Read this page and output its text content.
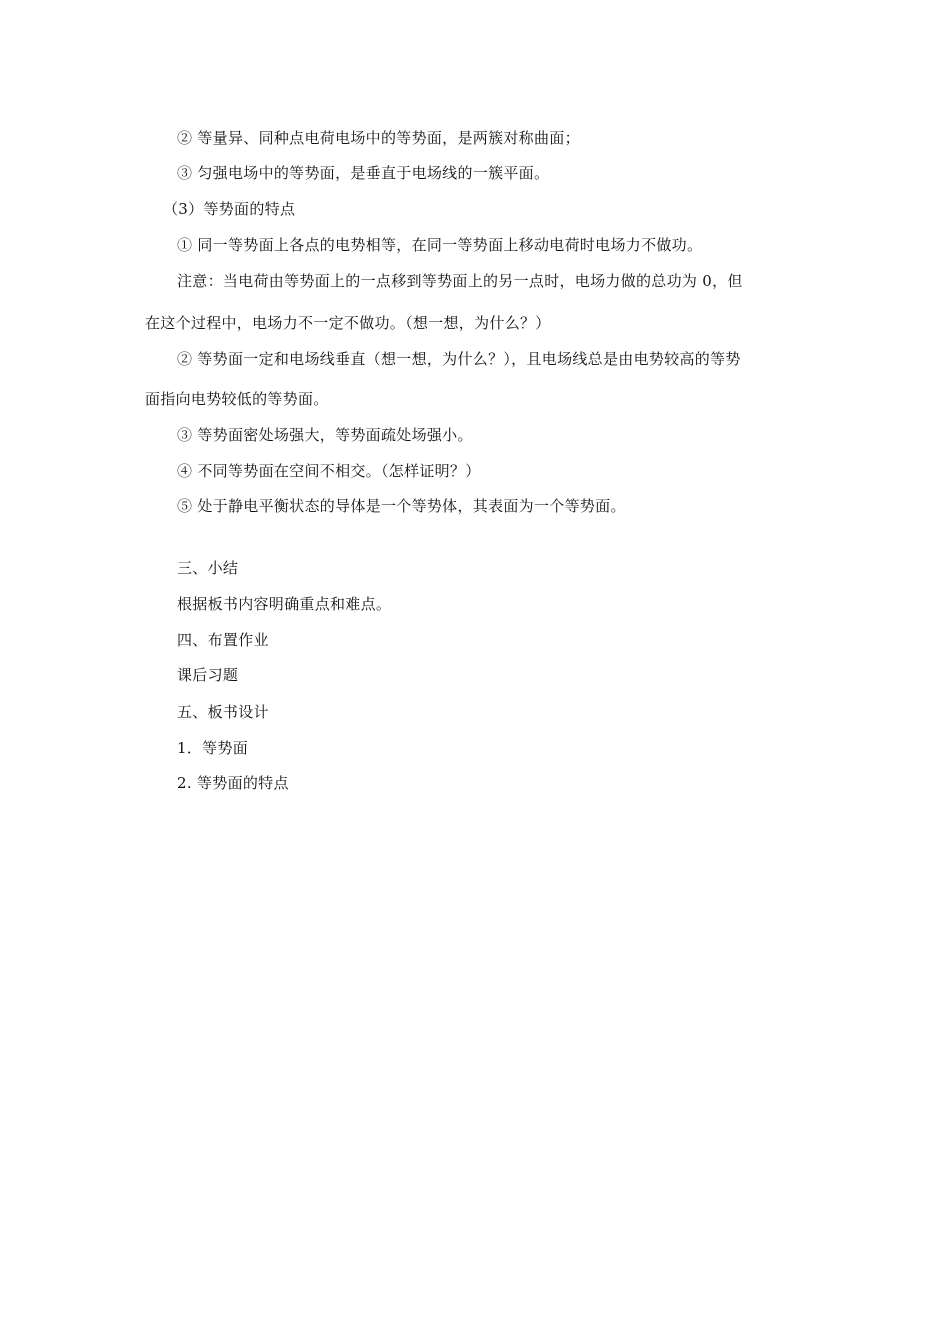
② 等量异、同种点电荷电场中的等势面，是两簇对称曲面；
③ 匀强电场中的等势面，是垂直于电场线的一簇平面。
（3）等势面的特点
① 同一等势面上各点的电势相等，在同一等势面上移动电荷时电场力不做功。
注意：当电荷由等势面上的一点移到等势面上的另一点时，电场力做的总功为 0，但
在这个过程中，电场力不一定不做功。（想一想，为什么？）
② 等势面一定和电场线垂直（想一想，为什么？），且电场线总是由电势较高的等势
面指向电势较低的等势面。
③ 等势面密处场强大，等势面疏处场强小。
④ 不同等势面在空间不相交。（怎样证明？）
⑤ 处于静电平衡状态的导体是一个等势体，其表面为一个等势面。
三、小结
根据板书内容明确重点和难点。
四、布置作业
课后习题
五、板书设计
1．等势面
2. 等势面的特点
